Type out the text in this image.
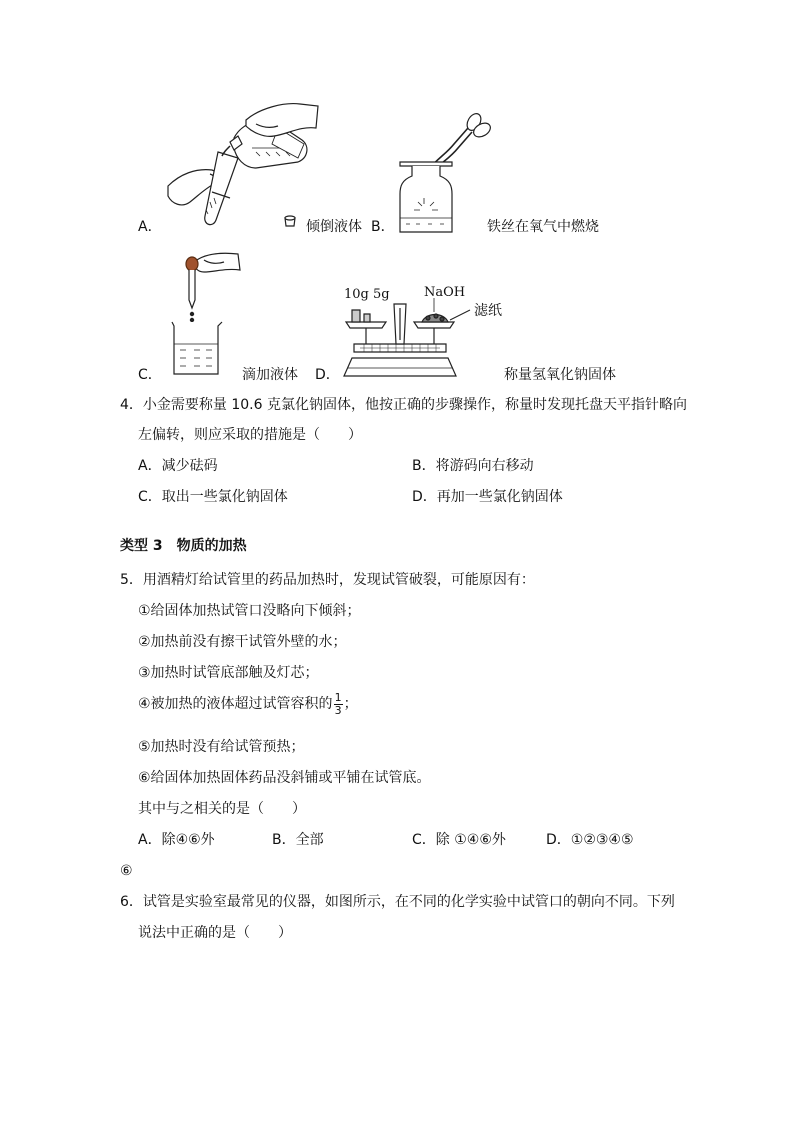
A．	倾倒液体 B．	铁丝在氧气中燃烧
C．	滴加液体
10g 5g	NaOH
滤纸
D．	称量氢氧化钠固体
4．小金需要称量 10.6 克氯化钠固体，他按正确的步骤操作，称量时发现托盘天平指针略向
左偏转，则应采取的措施是（　　）
A．减少砝码	B．将游码向右移动
C．取出一些氯化钠固体	D．再加一些氯化钠固体
类型 3　物质的加热
5．用酒精灯给试管里的药品加热时，发现试管破裂，可能原因有：
①给固体加热试管口没略向下倾斜；
②加热前没有擦干试管外壁的水；
③加热时试管底部触及灯芯；
④被加热的液体超过试管容积的 $\frac{1}{3}$ ；
⑤加热时没有给试管预热；
⑥给固体加热固体药品没斜铺或平铺在试管底。
其中与之相关的是（　　）
A．除④⑥外	B．全部	C．除 ①④⑥外	D．①②③④⑤
⑥
6．试管是实验室最常见的仪器，如图所示，在不同的化学实验中试管口的朝向不同。下列
说法中正确的是（　　）
